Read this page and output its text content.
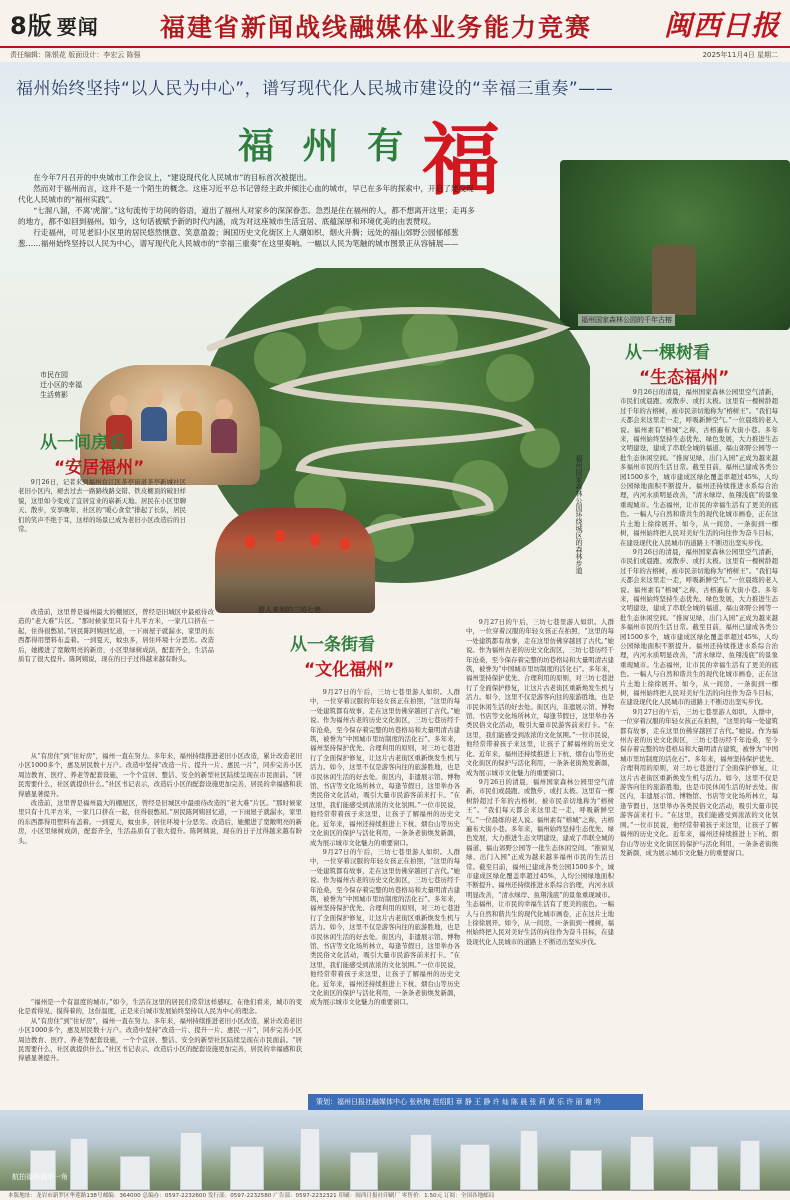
8版 要闻 福建省新闻战线融媒体业务能力竞赛	闽西日报
责任编辑：陈银花 版面设计：李宏云 陈强	2025年11月4日 星期二
福州始终坚持“以人民为中心”，谱写现代化人民城市建设的“幸福三重奏”——
福 州 有 福
福州国家森林公园的千年古榕
福州国家森林公园环绕城区的森林步道
市民在园
迁小区的幸福
生活剪影
游人来到的三坊七巷

在今年7月召开的中央城市工作会议上，“建设现代化人民城市”的目标首次被提出。

然而对于福州而言，这并不是一个陌生的概念。这座习近平总书记曾经主政并倾注心血的城市，早已在多年的探索中，开启了建设现代化人民城市的“福州实践”。

“七溜八溜，不离‘虎溜’。”这句流传于坊间的俗语，道出了福州人对家乡的深深眷恋。急烈是住在福州的人，都不想离开这里；走再多的地方，都不如回到福州。如今，这句话被赋予新的时代内涵，成为对这座城市生活宜居、底蕴深厚和环境优美的由衷赞叹。

行走福州，可见老旧小区里的居民悠然惬意、笑意盈盈；闽国历史文化街区上人潮如织、烟火升腾；远处的福山郊野公园郁郁葱葱……福州始终坚持以人民为中心，谱写现代化人民城市的“幸福三重奏”在这里奏响。一幅以人民为笔触的城市图景正从容铺展——

从一间房看
“安居福州”
从一棵树看
“生态福州”
从一条街看
“文化福州”

9月26日，记者来到福州台江区茶亭街道茶亭新城社区老旧小区内，褪去过去一路路线路交错、铁皮棚顶的破旧样貌，这里如今变成了宜居宜业的崭新天地。居民在小区里聊天、散步，安享晚年，社区的“暖心食堂”排起了长队，居民们的笑声不绝于耳，这样的场景已成为老旧小区改造后的日常。

改造前，这里曾是福州最大的棚屋区，曾经是旧城区中最亟待改造的“老大难”片区。“那时候家里只有十几平方米，一家几口挤在一起，住得很憋屈。”居民陈阿姨回忆道，一下雨屋子就漏水，家里的东西都得用塑料布盖着。一到夏天，蚊虫多，居住环境十分恶劣。改造后，她搬进了宽敞明亮的新房，小区里绿树成荫，配套齐全，生活品质有了很大提升。陈阿姨说，现在的日子过得越来越有盼头。

从“有房住”到“住好房”，福州一直在努力。多年来，福州持续推进老旧小区改造，累计改造老旧小区1000多个，惠及居民数十万户。改造中坚持“改造一片、提升一片、惠民一片”，同步完善小区周边教育、医疗、养老等配套设施，一个个宜居、整洁、安全的新型社区陆续呈现在市民面前。“居民需要什么，社区就提供什么。”社区书记表示，改造后小区的配套设施更加完善，居民的幸福感和获得感显著提升。

改造前，这里曾是福州最大的棚屋区，曾经是旧城区中最亟待改造的“老大难”片区。“那时候家里只有十几平方米，一家几口挤在一起，住得很憋屈。”居民陈阿姨回忆道，一下雨屋子就漏水，家里的东西都得用塑料布盖着。一到夏天，蚊虫多，居住环境十分恶劣。改造后，她搬进了宽敞明亮的新房，小区里绿树成荫，配套齐全，生活品质有了很大提升。陈阿姨说，现在的日子过得越来越有盼头。

“福州是一个有温度的城市。”如今，生活在这里的居民们常常这样感叹。在他们看来，城市的变化是看得见、摸得着的，这份温度，正是来自城市发展始终坚持以人民为中心的理念。

从“有房住”到“住好房”，福州一直在努力。多年来，福州持续推进老旧小区改造，累计改造老旧小区1000多个，惠及居民数十万户。改造中坚持“改造一片、提升一片、惠民一片”，同步完善小区周边教育、医疗、养老等配套设施，一个个宜居、整洁、安全的新型社区陆续呈现在市民面前。“居民需要什么，社区就提供什么。”社区书记表示，改造后小区的配套设施更加完善，居民的幸福感和获得感显著提升。

9月27日的午后，三坊七巷里游人如织。人群中，一位穿着汉服的年轻女孩正在拍照，“这里的每一处建筑都有故事，走在这里仿佛穿越回了古代。”她说。作为福州古老的历史文化街区，三坊七巷历经千年沧桑，至今保存着完整的坊巷格局和大量明清古建筑，被誉为“中国城市里坊制度的活化石”。多年来，福州坚持保护优先、合理利用的原则，对三坊七巷进行了全面保护修复，让这片古老街区重新焕发生机与活力。如今，这里不仅是游客向往的旅游胜地，也是市民休闲生活的好去处。街区内，非遗展示馆、博物馆、书店等文化场所林立，每逢节假日，这里举办各类民俗文化活动，吸引大量市民游客前来打卡。“在这里，我们能感受到浓浓的文化氛围。”一位市民说，他经常带着孩子来这里，让孩子了解福州的历史文化。近年来，福州还持续推进上下杭、烟台山等历史文化街区的保护与活化利用，一条条老街焕发新颜，成为展示城市文化魅力的重要窗口。

9月27日的午后，三坊七巷里游人如织。人群中，一位穿着汉服的年轻女孩正在拍照，“这里的每一处建筑都有故事，走在这里仿佛穿越回了古代。”她说。作为福州古老的历史文化街区，三坊七巷历经千年沧桑，至今保存着完整的坊巷格局和大量明清古建筑，被誉为“中国城市里坊制度的活化石”。多年来，福州坚持保护优先、合理利用的原则，对三坊七巷进行了全面保护修复，让这片古老街区重新焕发生机与活力。如今，这里不仅是游客向往的旅游胜地，也是市民休闲生活的好去处。街区内，非遗展示馆、博物馆、书店等文化场所林立，每逢节假日，这里举办各类民俗文化活动，吸引大量市民游客前来打卡。“在这里，我们能感受到浓浓的文化氛围。”一位市民说，他经常带着孩子来这里，让孩子了解福州的历史文化。近年来，福州还持续推进上下杭、烟台山等历史文化街区的保护与活化利用，一条条老街焕发新颜，成为展示城市文化魅力的重要窗口。

9月27日的午后，三坊七巷里游人如织。人群中，一位穿着汉服的年轻女孩正在拍照，“这里的每一处建筑都有故事，走在这里仿佛穿越回了古代。”她说。作为福州古老的历史文化街区，三坊七巷历经千年沧桑，至今保存着完整的坊巷格局和大量明清古建筑，被誉为“中国城市里坊制度的活化石”。多年来，福州坚持保护优先、合理利用的原则，对三坊七巷进行了全面保护修复，让这片古老街区重新焕发生机与活力。如今，这里不仅是游客向往的旅游胜地，也是市民休闲生活的好去处。街区内，非遗展示馆、博物馆、书店等文化场所林立，每逢节假日，这里举办各类民俗文化活动，吸引大量市民游客前来打卡。“在这里，我们能感受到浓浓的文化氛围。”一位市民说，他经常带着孩子来这里，让孩子了解福州的历史文化。近年来，福州还持续推进上下杭、烟台山等历史文化街区的保护与活化利用，一条条老街焕发新颜，成为展示城市文化魅力的重要窗口。

9月26日的清晨，福州国家森林公园里空气清新，市民们或晨跑、或散步、或打太极。这里有一棵树龄超过千年的古榕树，被市民亲切地称为“榕树王”。“我们每天都会来这里走一走，呼吸新鲜空气。”一位晨练的老人说。福州素有“榕城”之称，古榕遍布大街小巷。多年来，福州始终坚持生态优先、绿色发展，大力推进生态文明建设，建成了串联全城的福道、福山郊野公园等一批生态休闲空间。“推窗见绿、出门入园”正成为越来越多福州市民的生活日常。截至目前，福州已建成各类公园1500多个，城市建成区绿化覆盖率超过45%，人均公园绿地面积不断提升。福州还持续推进水系综合治理，内河水质明显改善，“清水绿岸、鱼翔浅底”的景象重现城市。生态福州，让市民的幸福生活有了更美的底色。一幅人与自然和谐共生的现代化城市画卷，正在这片土地上徐徐展开。如今，从一间房、一条街到一棵树，福州始终把人民对美好生活的向往作为奋斗目标，在建设现代化人民城市的道路上不断迈出坚实步伐。

9月26日的清晨，福州国家森林公园里空气清新，市民们或晨跑、或散步、或打太极。这里有一棵树龄超过千年的古榕树，被市民亲切地称为“榕树王”。“我们每天都会来这里走一走，呼吸新鲜空气。”一位晨练的老人说。福州素有“榕城”之称，古榕遍布大街小巷。多年来，福州始终坚持生态优先、绿色发展，大力推进生态文明建设，建成了串联全城的福道、福山郊野公园等一批生态休闲空间。“推窗见绿、出门入园”正成为越来越多福州市民的生活日常。截至目前，福州已建成各类公园1500多个，城市建成区绿化覆盖率超过45%，人均公园绿地面积不断提升。福州还持续推进水系综合治理，内河水质明显改善，“清水绿岸、鱼翔浅底”的景象重现城市。生态福州，让市民的幸福生活有了更美的底色。一幅人与自然和谐共生的现代化城市画卷，正在这片土地上徐徐展开。如今，从一间房、一条街到一棵树，福州始终把人民对美好生活的向往作为奋斗目标，在建设现代化人民城市的道路上不断迈出坚实步伐。

9月26日的清晨，福州国家森林公园里空气清新，市民们或晨跑、或散步、或打太极。这里有一棵树龄超过千年的古榕树，被市民亲切地称为“榕树王”。“我们每天都会来这里走一走，呼吸新鲜空气。”一位晨练的老人说。福州素有“榕城”之称，古榕遍布大街小巷。多年来，福州始终坚持生态优先、绿色发展，大力推进生态文明建设，建成了串联全城的福道、福山郊野公园等一批生态休闲空间。“推窗见绿、出门入园”正成为越来越多福州市民的生活日常。截至目前，福州已建成各类公园1500多个，城市建成区绿化覆盖率超过45%，人均公园绿地面积不断提升。福州还持续推进水系综合治理，内河水质明显改善，“清水绿岸、鱼翔浅底”的景象重现城市。生态福州，让市民的幸福生活有了更美的底色。一幅人与自然和谐共生的现代化城市画卷，正在这片土地上徐徐展开。如今，从一间房、一条街到一棵树，福州始终把人民对美好生活的向往作为奋斗目标，在建设现代化人民城市的道路上不断迈出坚实步伐。

9月27日的午后，三坊七巷里游人如织。人群中，一位穿着汉服的年轻女孩正在拍照，“这里的每一处建筑都有故事，走在这里仿佛穿越回了古代。”她说。作为福州古老的历史文化街区，三坊七巷历经千年沧桑，至今保存着完整的坊巷格局和大量明清古建筑，被誉为“中国城市里坊制度的活化石”。多年来，福州坚持保护优先、合理利用的原则，对三坊七巷进行了全面保护修复，让这片古老街区重新焕发生机与活力。如今，这里不仅是游客向往的旅游胜地，也是市民休闲生活的好去处。街区内，非遗展示馆、博物馆、书店等文化场所林立，每逢节假日，这里举办各类民俗文化活动，吸引大量市民游客前来打卡。“在这里，我们能感受到浓浓的文化氛围。”一位市民说，他经常带着孩子来这里，让孩子了解福州的历史文化。近年来，福州还持续推进上下杭、烟台山等历史文化街区的保护与活化利用，一条条老街焕发新颜，成为展示城市文化魅力的重要窗口。

策划：福州日报社融媒体中心 张秋梅 范绍阳 章 静 王 静 许 灿 陈 晨 张 莉 黄 乐 许 丽 谢 吟
航拍福州城市一角
本版地址：龙岩市新罗区华莲路138号邮编：364000 总编办：0597-2232600 发行部：0597-2232580 广告部：0597-2232321 印刷：闽西日报社印刷厂 零售价：1.50元 订阅：全国各地邮局
